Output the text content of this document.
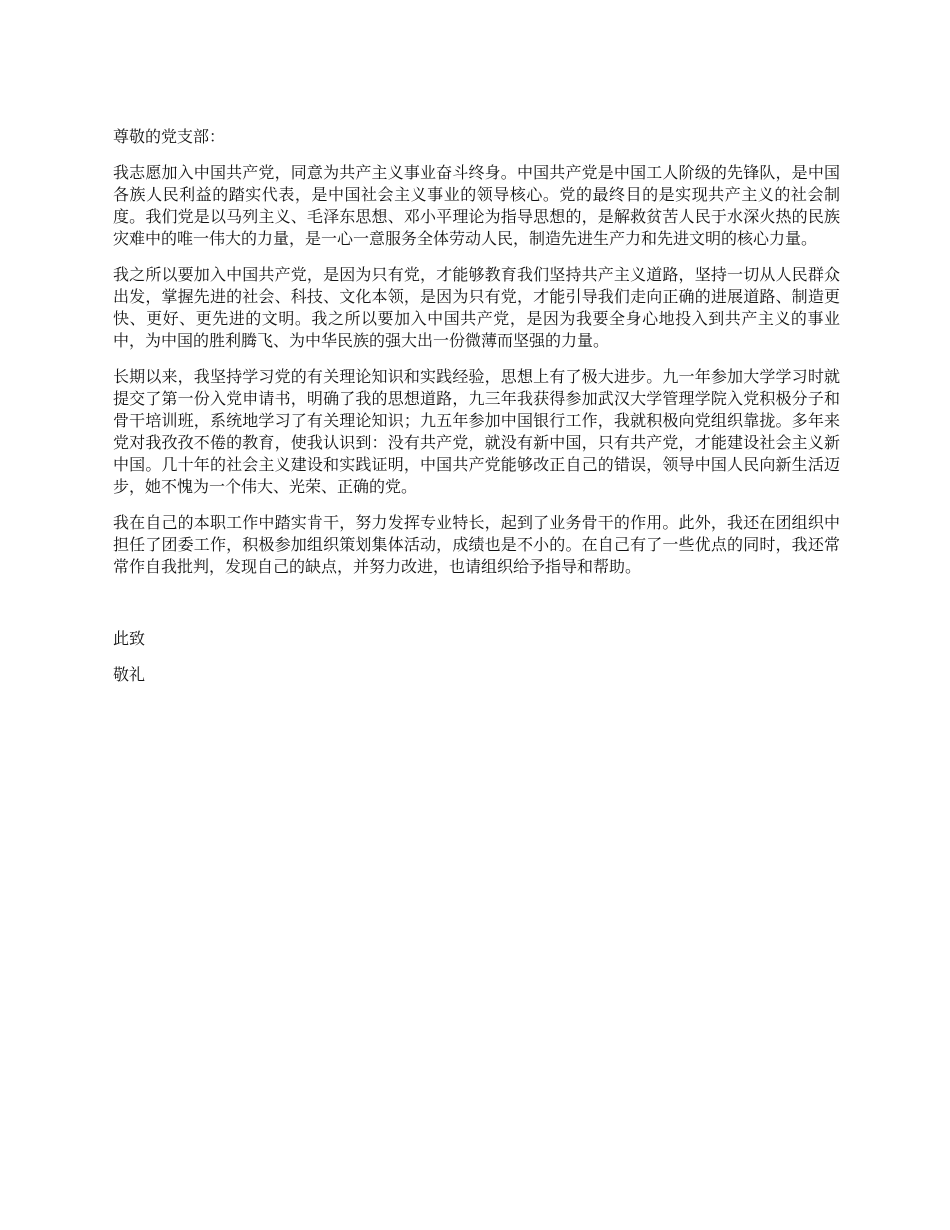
尊敬的党支部：

我志愿加入中国共产党，同意为共产主义事业奋斗终身。中国共产党是中国工人阶级的先锋队，是中国各族人民利益的踏实代表，是中国社会主义事业的领导核心。党的最终目的是实现共产主义的社会制度。我们党是以马列主义、毛泽东思想、邓小平理论为指导思想的，是解救贫苦人民于水深火热的民族灾难中的唯一伟大的力量，是一心一意服务全体劳动人民，制造先进生产力和先进文明的核心力量。

我之所以要加入中国共产党，是因为只有党，才能够教育我们坚持共产主义道路，坚持一切从人民群众出发，掌握先进的社会、科技、文化本领，是因为只有党，才能引导我们走向正确的进展道路、制造更快、更好、更先进的文明。我之所以要加入中国共产党，是因为我要全身心地投入到共产主义的事业中，为中国的胜利腾飞、为中华民族的强大出一份微薄而坚强的力量。

长期以来，我坚持学习党的有关理论知识和实践经验，思想上有了极大进步。九一年参加大学学习时就提交了第一份入党申请书，明确了我的思想道路，九三年我获得参加武汉大学管理学院入党积极分子和骨干培训班，系统地学习了有关理论知识；九五年参加中国银行工作，我就积极向党组织靠拢。多年来党对我孜孜不倦的教育，使我认识到：没有共产党，就没有新中国，只有共产党，才能建设社会主义新中国。几十年的社会主义建设和实践证明，中国共产党能够改正自己的错误，领导中国人民向新生活迈步，她不愧为一个伟大、光荣、正确的党。

我在自己的本职工作中踏实肯干，努力发挥专业特长，起到了业务骨干的作用。此外，我还在团组织中担任了团委工作，积极参加组织策划集体活动，成绩也是不小的。在自己有了一些优点的同时，我还常常作自我批判，发现自己的缺点，并努力改进，也请组织给予指导和帮助。

此致

敬礼
